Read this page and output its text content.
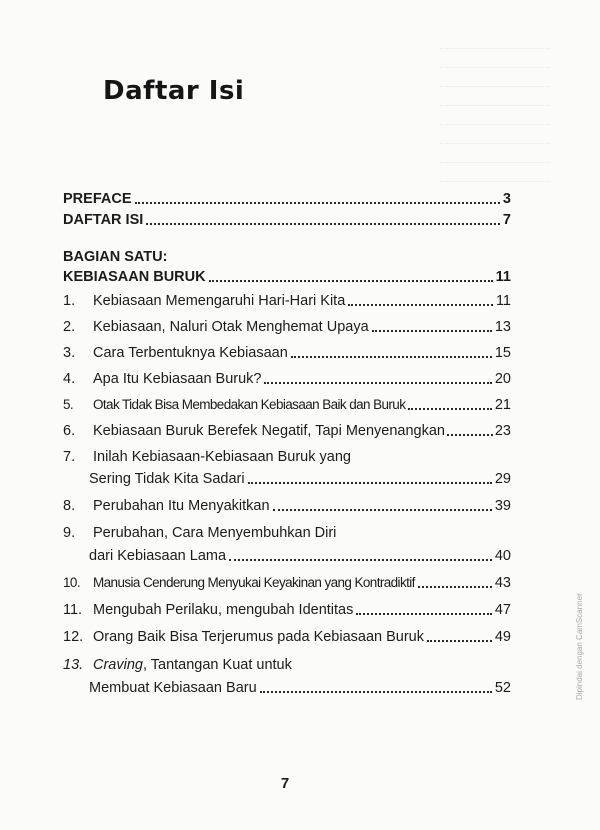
Daftar Isi
PREFACE	3
DAFTAR ISI	7
BAGIAN SATU:
KEBIASAAN BURUK	11
1. Kebiasaan Memengaruhi Hari-Hari Kita	11
2. Kebiasaan, Naluri Otak Menghemat Upaya	13
3. Cara Terbentuknya Kebiasaan	15
4. Apa Itu Kebiasaan Buruk?	20
5. Otak Tidak Bisa Membedakan Kebiasaan Baik dan Buruk	21
6. Kebiasaan Buruk Berefek Negatif, Tapi Menyenangkan	23
7. Inilah Kebiasaan-Kebiasaan Buruk yang
Sering Tidak Kita Sadari	29
8. Perubahan Itu Menyakitkan	39
9. Perubahan, Cara Menyembuhkan Diri
dari Kebiasaan Lama	40
10. Manusia Cenderung Menyukai Keyakinan yang Kontradiktif	43
11. Mengubah Perilaku, mengubah Identitas	47
12. Orang Baik Bisa Terjerumus pada Kebiasaan Buruk	49
13. Craving, Tantangan Kuat untuk
Membuat Kebiasaan Baru	52
7
Dipindai dengan CamScanner
